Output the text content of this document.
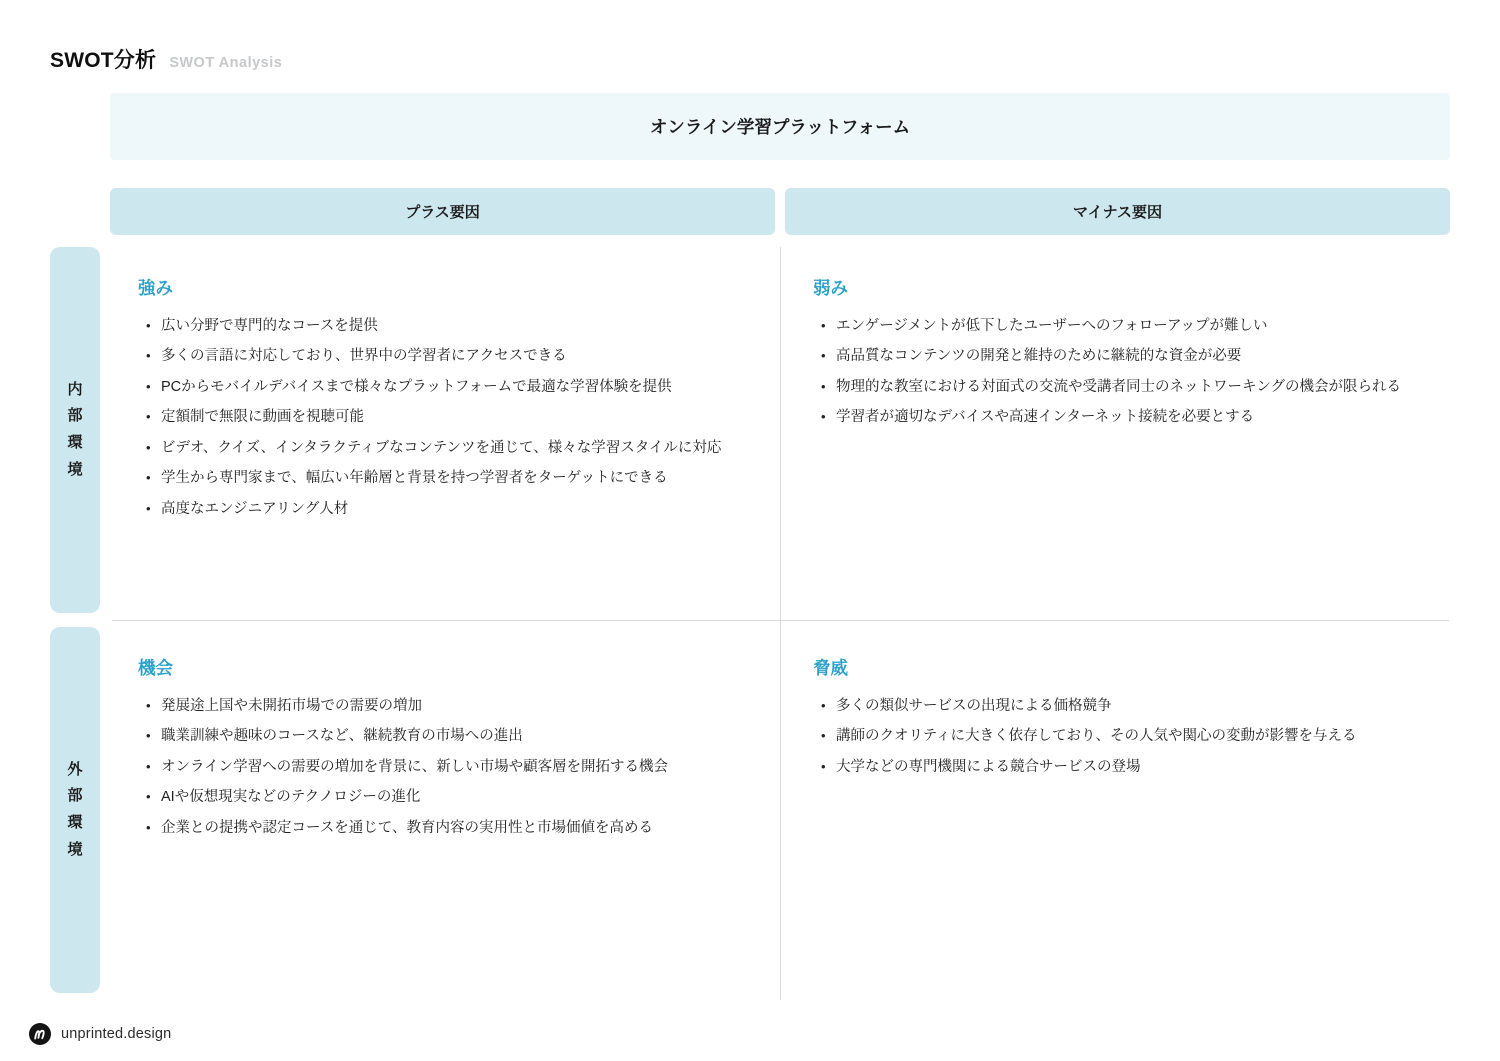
SWOT分析 SWOT Analysis
オンライン学習プラットフォーム
プラス要因	マイナス要因
内部環境
外部環境
強み
• 広い分野で専門的なコースを提供
• 多くの言語に対応しており、世界中の学習者にアクセスできる
• PCからモバイルデバイスまで様々なプラットフォームで最適な学習体験を提供
• 定額制で無限に動画を視聴可能
• ビデオ、クイズ、インタラクティブなコンテンツを通じて、様々な学習スタイルに対応
• 学生から専門家まで、幅広い年齢層と背景を持つ学習者をターゲットにできる
• 高度なエンジニアリング人材
弱み
• エンゲージメントが低下したユーザーへのフォローアップが難しい
• 高品質なコンテンツの開発と維持のために継続的な資金が必要
• 物理的な教室における対面式の交流や受講者同士のネットワーキングの機会が限られる
• 学習者が適切なデバイスや高速インターネット接続を必要とする
機会
• 発展途上国や未開拓市場での需要の増加
• 職業訓練や趣味のコースなど、継続教育の市場への進出
• オンライン学習への需要の増加を背景に、新しい市場や顧客層を開拓する機会
• AIや仮想現実などのテクノロジーの進化
• 企業との提携や認定コースを通じて、教育内容の実用性と市場価値を高める
脅威
• 多くの類似サービスの出現による価格競争
• 講師のクオリティに大きく依存しており、その人気や関心の変動が影響を与える
• 大学などの専門機関による競合サービスの登場
unprinted.design
